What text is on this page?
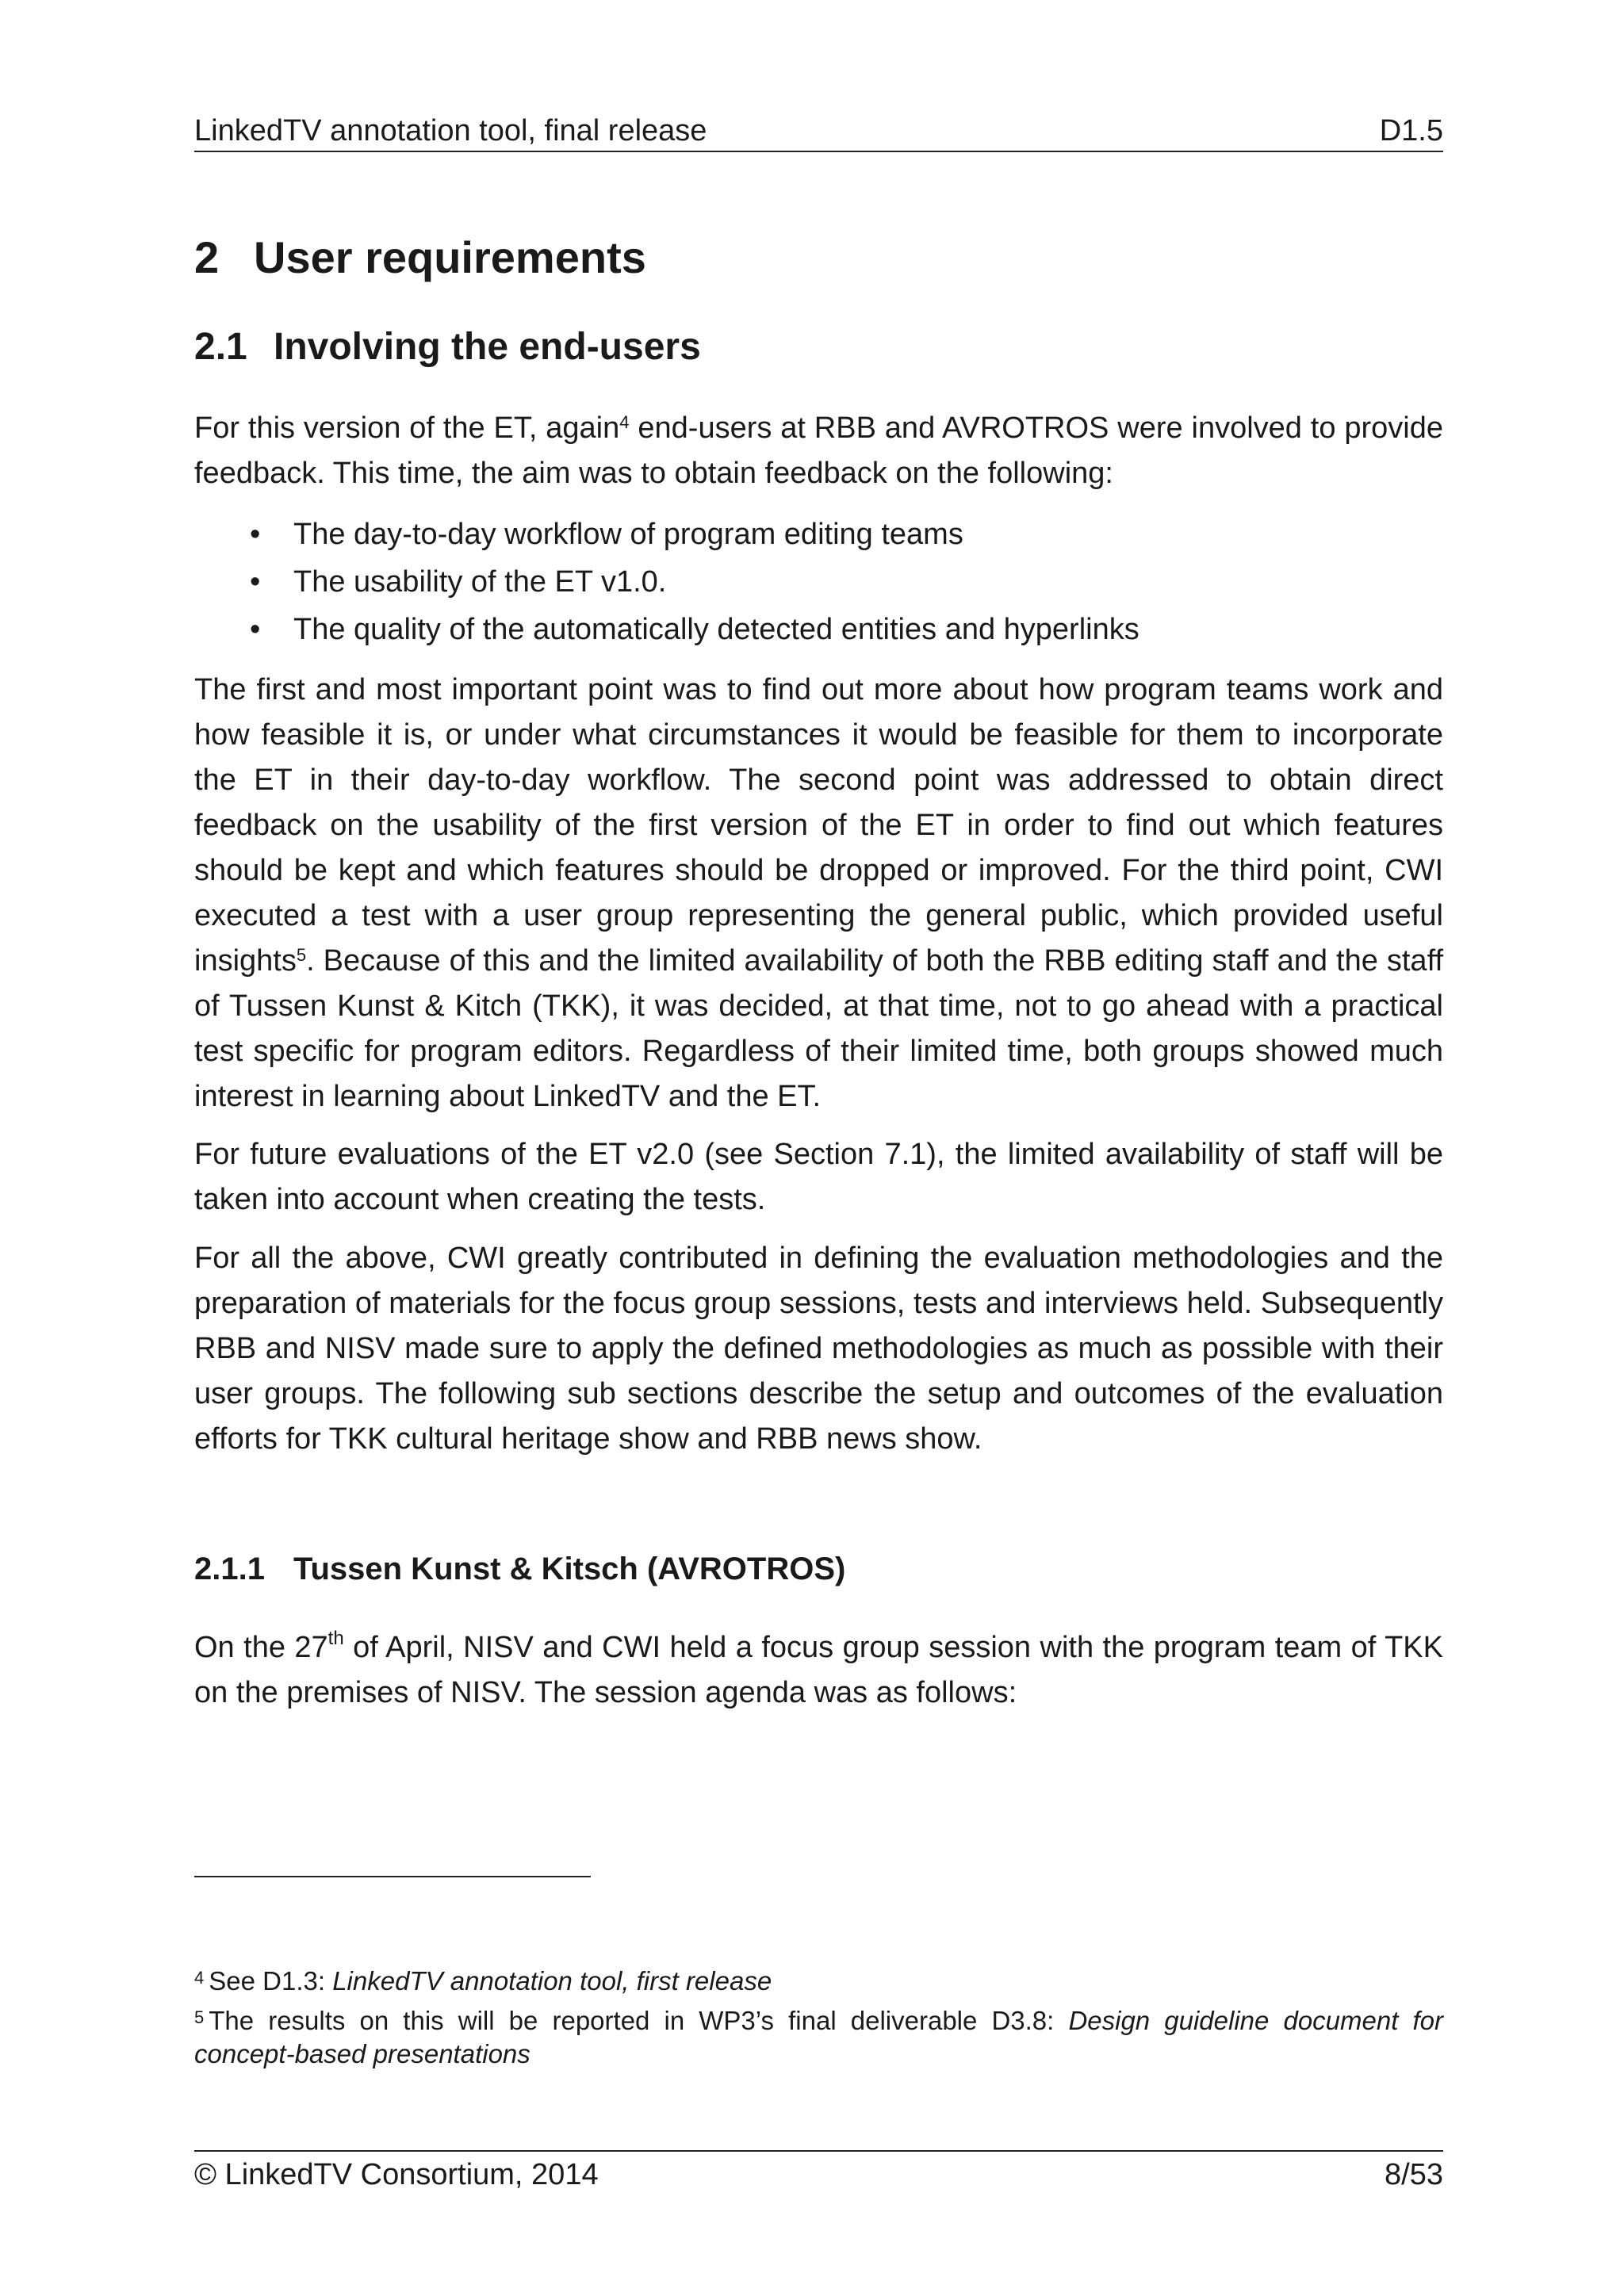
LinkedTV annotation tool, final release	D1.5
2 User requirements
2.1 Involving the end-users

For this version of the ET, again$^4$ end-users at RBB and AVROTROS were involved to provide feedback. This time, the aim was to obtain feedback on the following:

• The day-to-day workflow of program editing teams
• The usability of the ET v1.0.
• The quality of the automatically detected entities and hyperlinks

The first and most important point was to find out more about how program teams work and how feasible it is, or under what circumstances it would be feasible for them to incorporate the ET in their day-to-day workflow. The second point was addressed to obtain direct feedback on the usability of the first version of the ET in order to find out which features should be kept and which features should be dropped or improved. For the third point, CWI executed a test with a user group representing the general public, which provided useful insights$^5$. Because of this and the limited availability of both the RBB editing staff and the staff of Tussen Kunst & Kitch (TKK), it was decided, at that time, not to go ahead with a practical test specific for program editors. Regardless of their limited time, both groups showed much interest in learning about LinkedTV and the ET.

For future evaluations of the ET v2.0 (see Section 7.1), the limited availability of staff will be taken into account when creating the tests.

For all the above, CWI greatly contributed in defining the evaluation methodologies and the preparation of materials for the focus group sessions, tests and interviews held. Subsequently RBB and NISV made sure to apply the defined methodologies as much as possible with their user groups. The following sub sections describe the setup and outcomes of the evaluation efforts for TKK cultural heritage show and RBB news show.

2.1.1 Tussen Kunst & Kitsch (AVROTROS)

On the 27th of April, NISV and CWI held a focus group session with the program team of TKK on the premises of NISV. The session agenda was as follows:

$^4$ See D1.3: LinkedTV annotation tool, first release

$^5$ The results on this will be reported in WP3’s final deliverable D3.8: Design guideline document for concept-based presentations

© LinkedTV Consortium, 2014	8/53
